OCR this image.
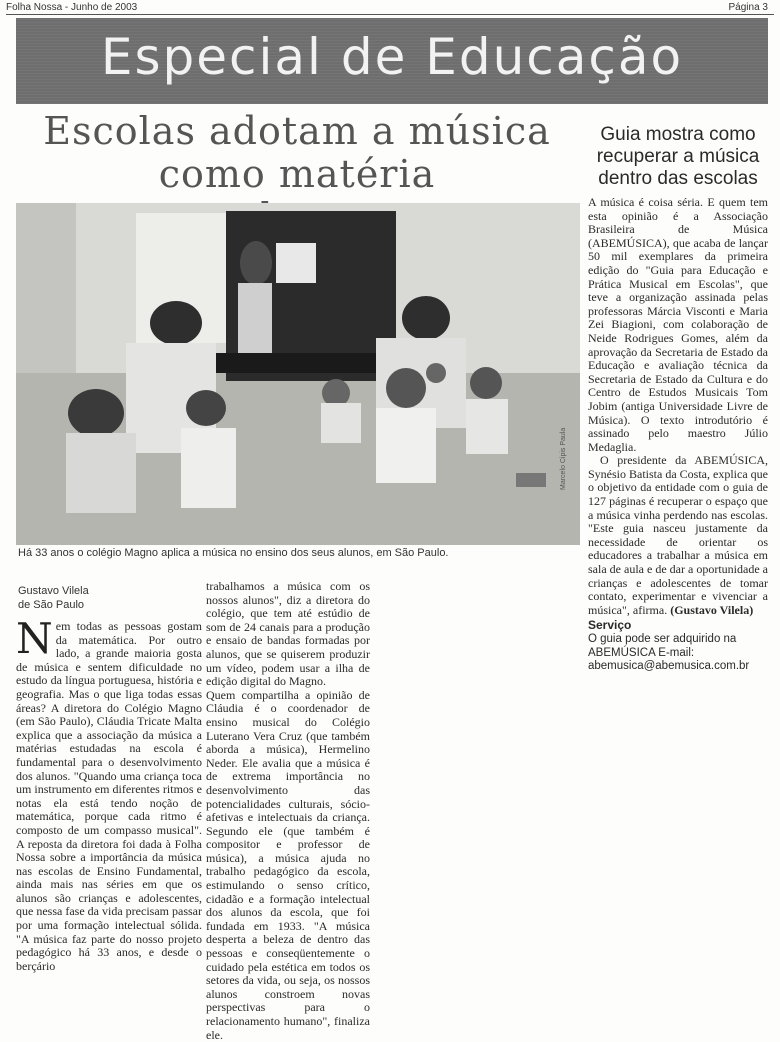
Folha Nossa - Junho de 2003	Página 3
Especial de Educação
Escolas adotam a música
como matéria
Marcelo Cipis Paula
Há 33 anos o colégio Magno aplica a música no ensino dos seus alunos, em São Paulo.
Gustavo Vilela
de São Paulo

Nem todas as pessoas gostam da matemática. Por outro lado, a grande maioria gosta de música e sentem dificuldade no estudo da língua portuguesa, história e geografia. Mas o que liga todas essas áreas? A diretora do Colégio Magno (em São Paulo), Cláudia Tricate Malta explica que a associação da música a matérias estudadas na escola é fundamental para o desenvolvimento dos alunos. "Quando uma criança toca um instrumento em diferentes ritmos e notas ela está tendo noção de matemática, porque cada ritmo é composto de um compasso musical". A reposta da diretora foi dada à Folha Nossa sobre a importância da música nas escolas de Ensino Fundamental, ainda mais nas séries em que os alunos são crianças e adolescentes, que nessa fase da vida precisam passar por uma formação intelectual sólida. "A música faz parte do nosso projeto pedagógico há 33 anos, e desde o berçário

trabalhamos a música com os nossos alunos", diz a diretora do colégio, que tem até estúdio de som de 24 canais para a produção e ensaio de bandas formadas por alunos, que se quiserem produzir um vídeo, podem usar a ilha de edição digital do Magno.

Quem compartilha a opinião de Cláudia é o coordenador de ensino musical do Colégio Luterano Vera Cruz (que também aborda a música), Hermelino Neder. Ele avalia que a música é de extrema importância no desenvolvimento das potencialidades culturais, sócio-afetivas e intelectuais da criança. Segundo ele (que também é compositor e professor de música), a música ajuda no trabalho pedagógico da escola, estimulando o senso crítico, cidadão e a formação intelectual dos alunos da escola, que foi fundada em 1933. "A música desperta a beleza de dentro das pessoas e conseqüentemente o cuidado pela estética em todos os setores da vida, ou seja, os nossos alunos constroem novas perspectivas para o relacionamento humano", finaliza ele.

Guia mostra como recuperar a música dentro das escolas

A música é coisa séria. E quem tem esta opinião é a Associação Brasileira de Música (ABEMÚSICA), que acaba de lançar 50 mil exemplares da primeira edição do "Guia para Educação e Prática Musical em Escolas", que teve a organização assinada pelas professoras Márcia Visconti e Maria Zei Biagioni, com colaboração de Neide Rodrigues Gomes, além da aprovação da Secretaria de Estado da Educação e avaliação técnica da Secretaria de Estado da Cultura e do Centro de Estudos Musicais Tom Jobim (antiga Universidade Livre de Música). O texto introdutório é assinado pelo maestro Júlio Medaglia.

O presidente da ABEMÚSICA, Synésio Batista da Costa, explica que o objetivo da entidade com o guia de 127 páginas é recuperar o espaço que a música vinha perdendo nas escolas. "Este guia nasceu justamente da necessidade de orientar os educadores a trabalhar a música em sala de aula e de dar a oportunidade a crianças e adolescentes de tomar contato, experimentar e vivenciar a música", afirma. (Gustavo Vilela)

Serviço
O guia pode ser adquirido na ABEMÚSICA E-mail:
abemusica@abemusica.com.br
